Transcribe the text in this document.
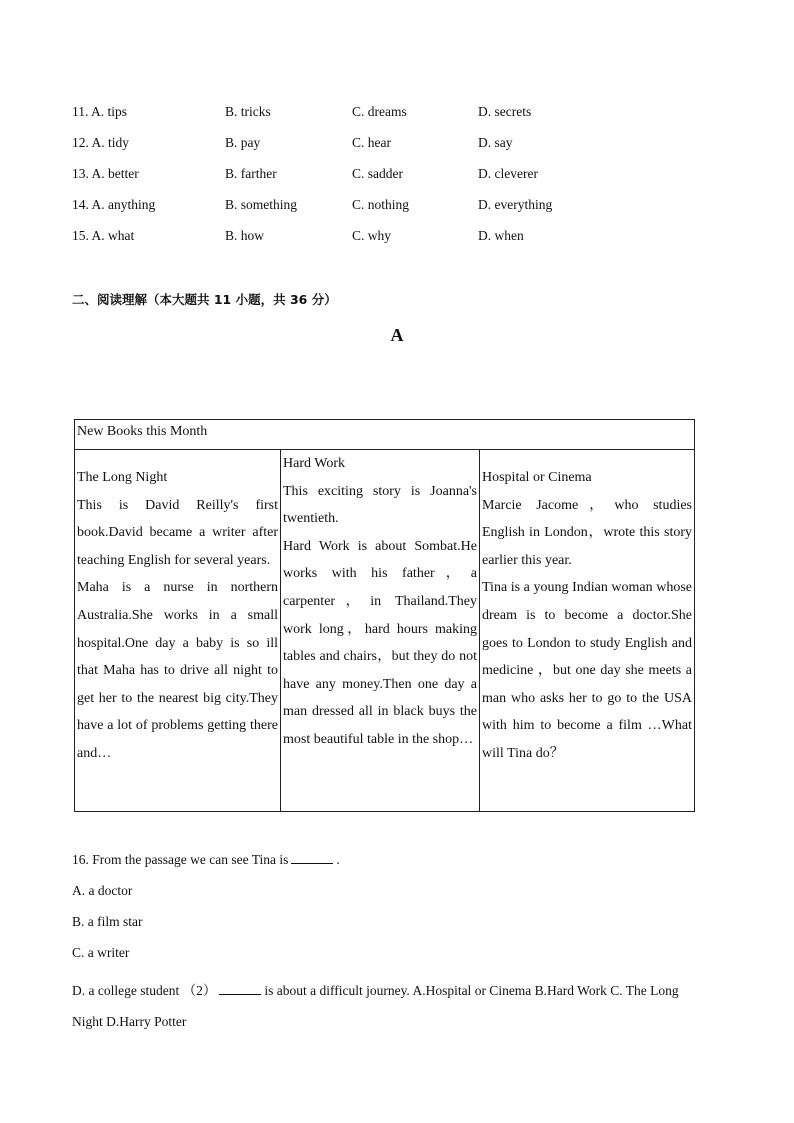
11. A. tips	B. tricks	C. dreams	D. secrets
12. A. tidy	B. pay	C. hear	D. say
13. A. better	B. farther	C. sadder	D. cleverer
14. A. anything	B. something	C. nothing	D. everything
15. A. what	B. how	C. why	D. when
二、阅读理解（本大题共 11 小题，共 36 分）
A
New Books this Month

The Long Night

This is David Reilly's first book.David became a writer after teaching English for several years.

Maha is a nurse in northern Australia.She works in a small hospital.One day a baby is so ill that Maha has to drive all night to get her to the nearest big city.They have a lot of problems getting there and…

Hard Work

This exciting story is Joanna's twentieth.

Hard Work is about Sombat.He works with his father，a carpenter，in Thailand.They work long，hard hours making tables and chairs，but they do not have any money.Then one day a man dressed all in black buys the most beautiful table in the shop…

Hospital or Cinema

Marcie Jacome，who studies English in London，wrote this story earlier this year.

Tina is a young Indian woman whose dream is to become a doctor.She goes to London to study English and medicine ，but one day she meets a man who asks her to go to the USA with him to become a film …What will Tina do？

16. From the passage we can see Tina is	.
A. a doctor
B. a film star
C. a writer
D. a college student （2）	is about a difficult journey. A.Hospital or Cinema B.Hard Work C. The Long Night D.Harry Potter
